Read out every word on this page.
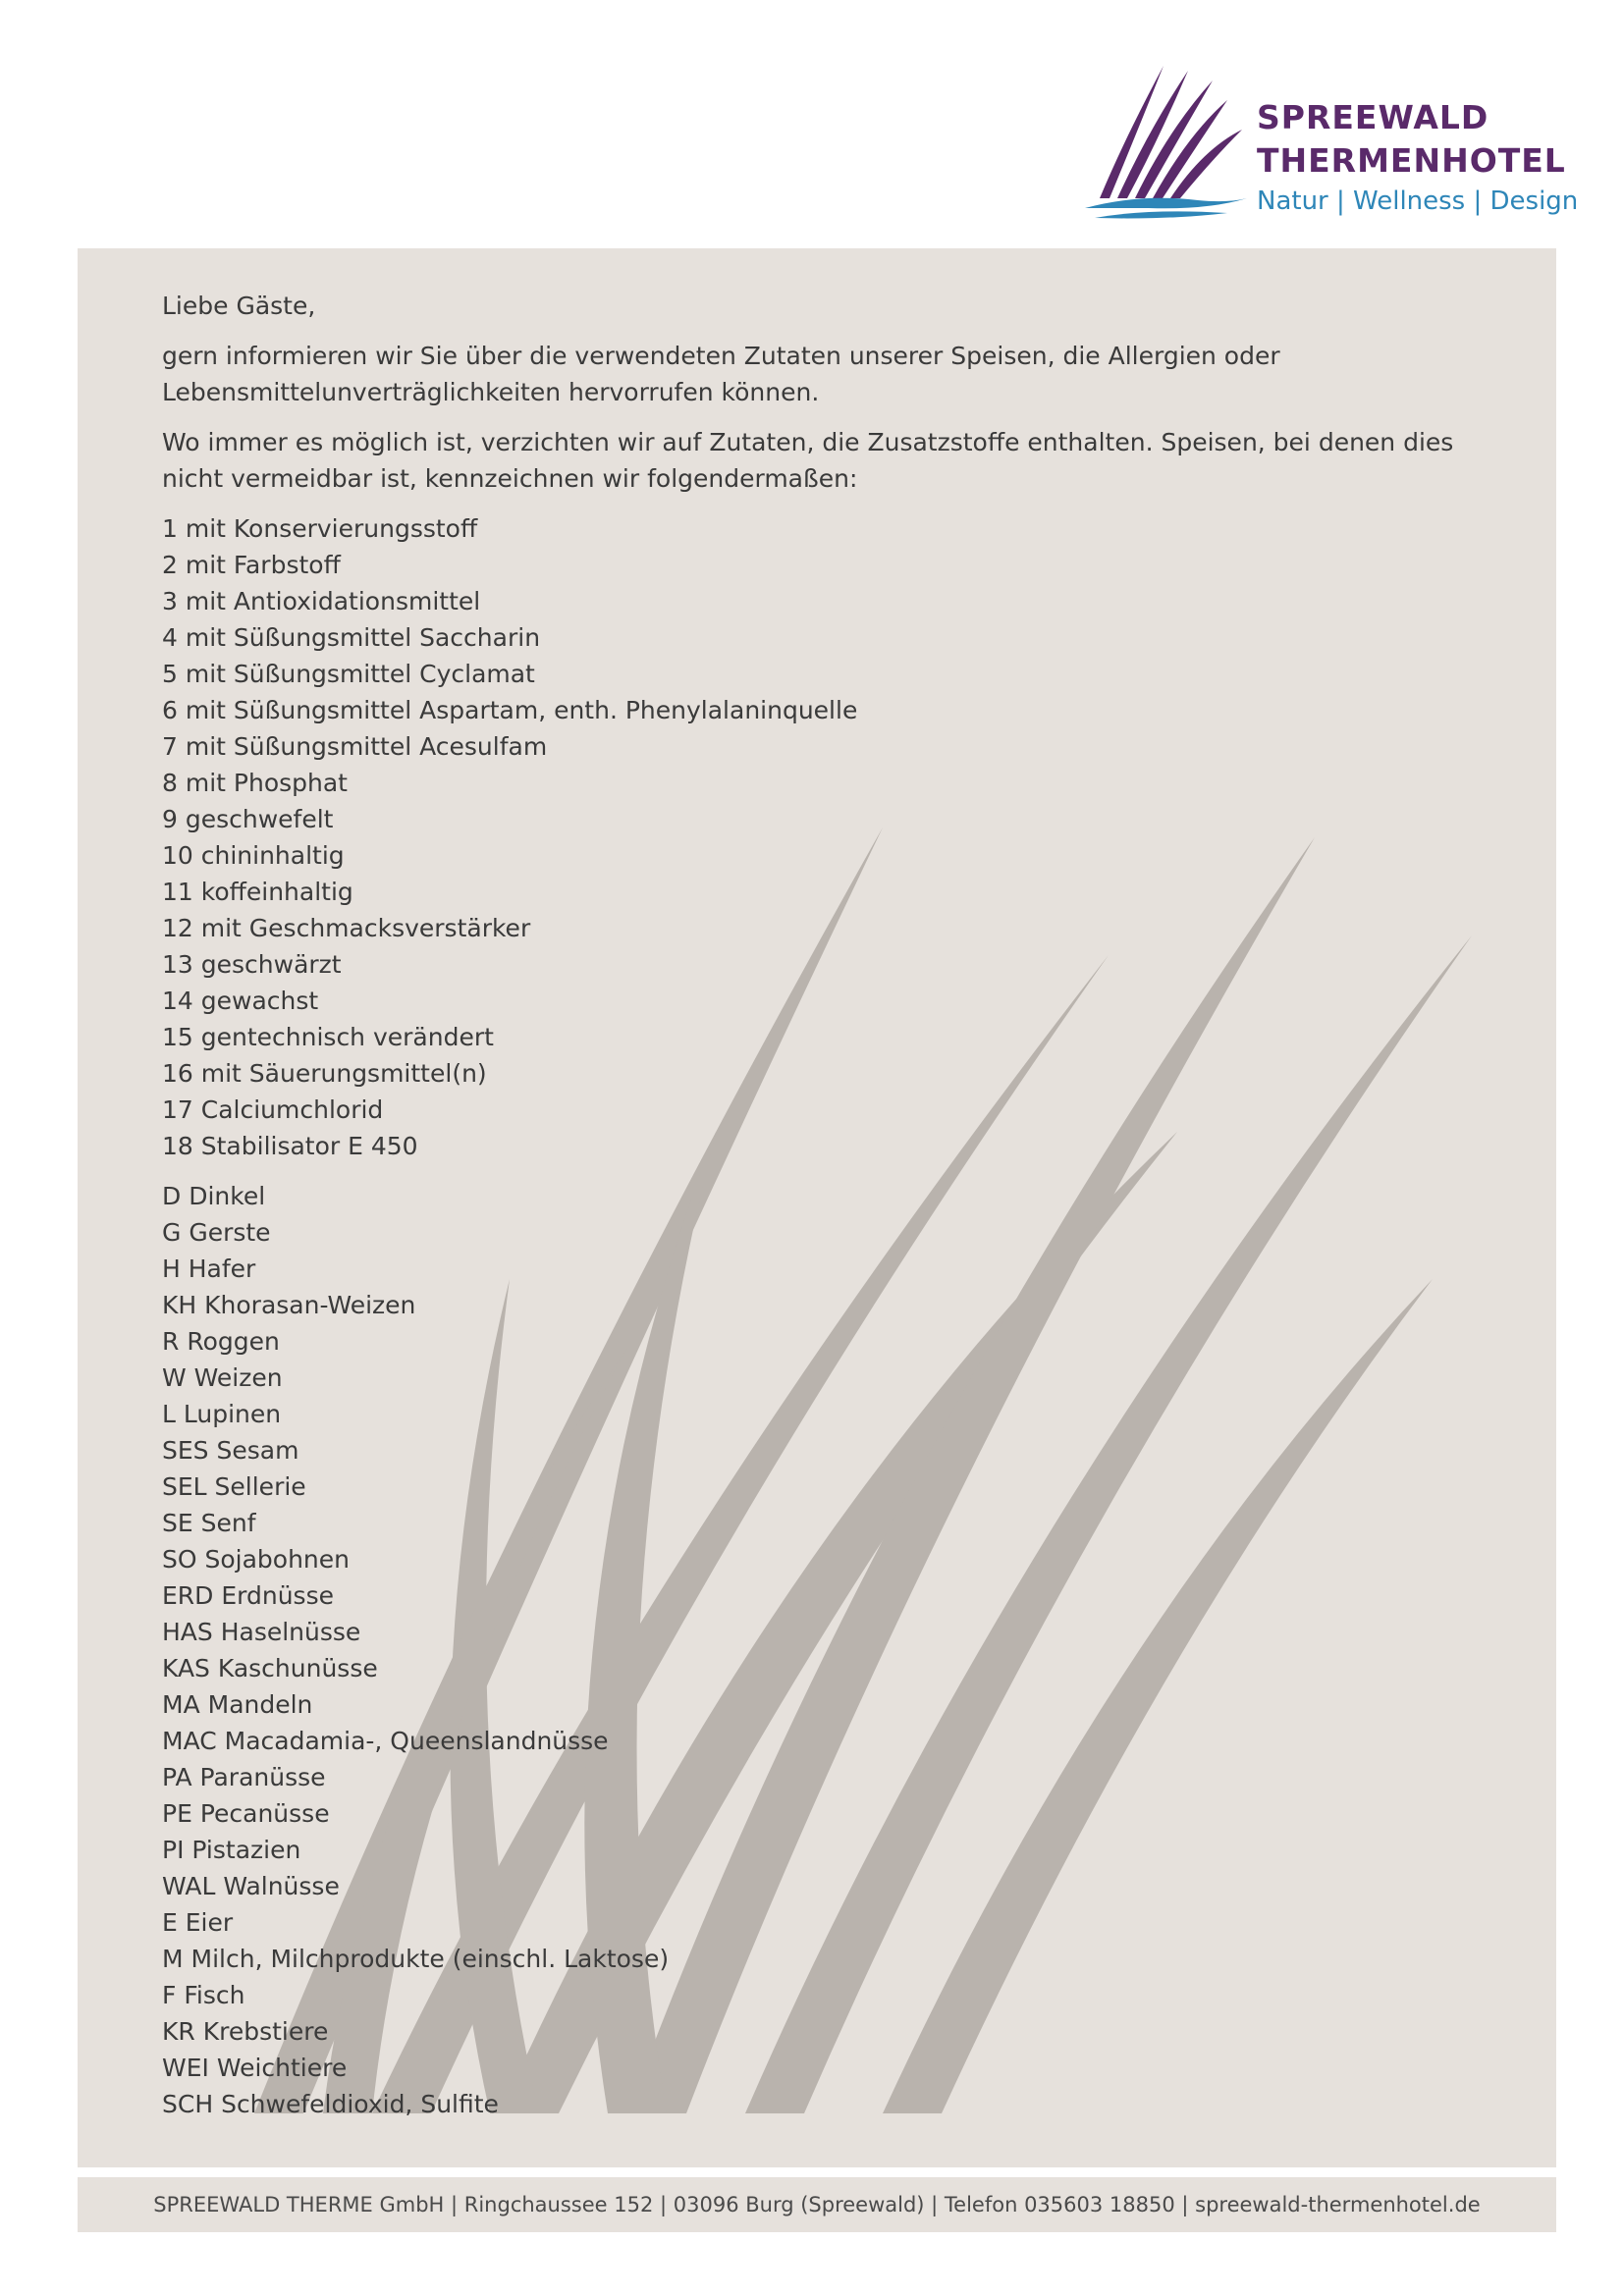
SPREEWALD
THERMENHOTEL
Natur | Wellness | Design

Liebe Gäste,

gern informieren wir Sie über die verwendeten Zutaten unserer Speisen, die Allergien oder Lebensmittelunverträglichkeiten hervorrufen können.

Wo immer es möglich ist, verzichten wir auf Zutaten, die Zusatzstoffe enthalten. Speisen, bei denen dies nicht vermeidbar ist, kennzeichnen wir folgendermaßen:

1 mit Konservierungsstoff
2 mit Farbstoff
3 mit Antioxidationsmittel
4 mit Süßungsmittel Saccharin
5 mit Süßungsmittel Cyclamat
6 mit Süßungsmittel Aspartam, enth. Phenylalaninquelle
7 mit Süßungsmittel Acesulfam
8 mit Phosphat
9 geschwefelt
10 chininhaltig
11 koffeinhaltig
12 mit Geschmacksverstärker
13 geschwärzt
14 gewachst
15 gentechnisch verändert
16 mit Säuerungsmittel(n)
17 Calciumchlorid
18 Stabilisator E 450
D Dinkel
G Gerste
H Hafer
KH Khorasan-Weizen
R Roggen
W Weizen
L Lupinen
SES Sesam
SEL Sellerie
SE Senf
SO Sojabohnen
ERD Erdnüsse
HAS Haselnüsse
KAS Kaschunüsse
MA Mandeln
MAC Macadamia-, Queenslandnüsse
PA Paranüsse
PE Pecanüsse
PI Pistazien
WAL Walnüsse
E Eier
M Milch, Milchprodukte (einschl. Laktose)
F Fisch
KR Krebstiere
WEI Weichtiere
SCH Schwefeldioxid, Sulfite
SPREEWALD THERME GmbH | Ringchaussee 152 | 03096 Burg (Spreewald) | Telefon 035603 18850 | spreewald-thermenhotel.de
